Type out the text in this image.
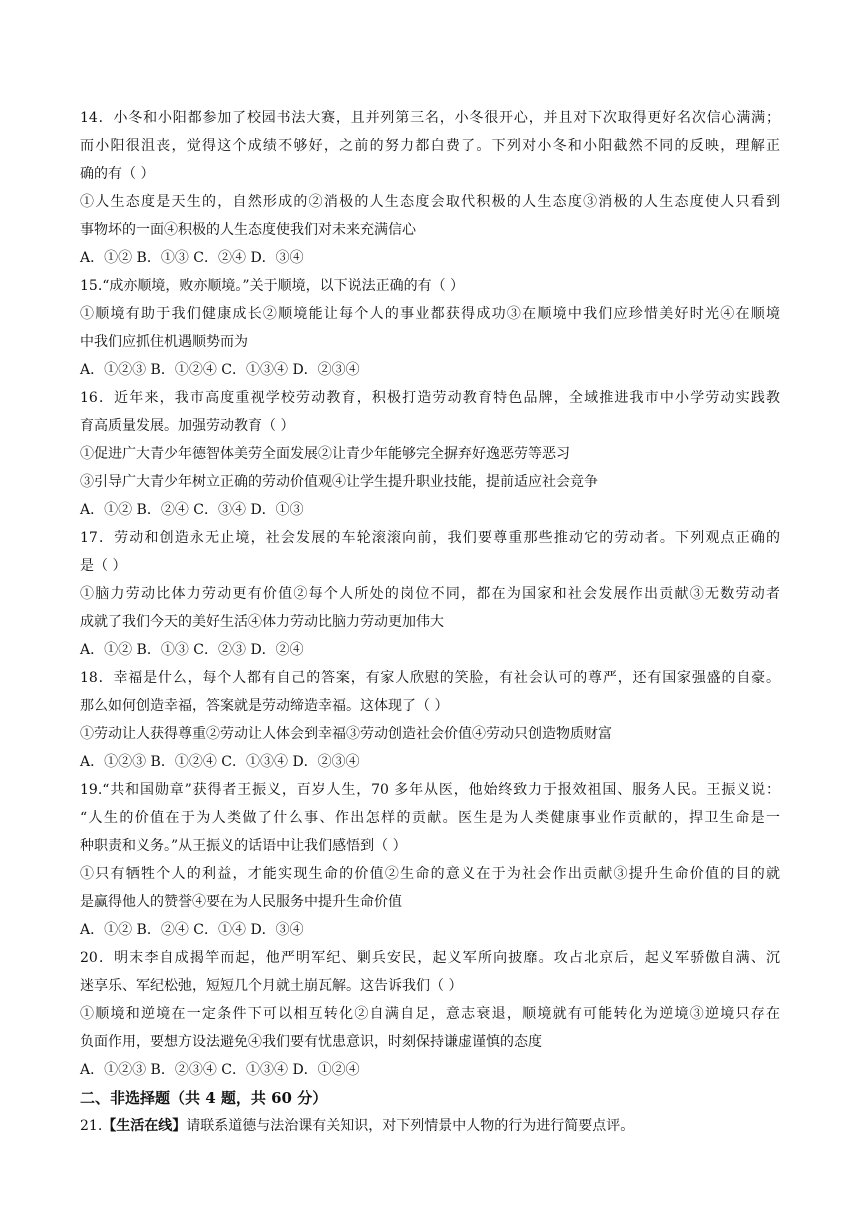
14．小冬和小阳都参加了校园书法大赛，且并列第三名，小冬很开心，并且对下次取得更好名次信心满满；
而小阳很沮丧，觉得这个成绩不够好，之前的努力都白费了。下列对小冬和小阳截然不同的反映，理解正
确的有（ ）
①人生态度是天生的，自然形成的②消极的人生态度会取代积极的人生态度③消极的人生态度使人只看到
事物坏的一面④积极的人生态度使我们对未来充满信心
A．①② B．①③ C．②④ D．③④
15.“成亦顺境，败亦顺境。”关于顺境，以下说法正确的有（ ）
①顺境有助于我们健康成长②顺境能让每个人的事业都获得成功③在顺境中我们应珍惜美好时光④在顺境
中我们应抓住机遇顺势而为
A．①②③ B．①②④ C．①③④ D．②③④
16．近年来，我市高度重视学校劳动教育，积极打造劳动教育特色品牌，全域推进我市中小学劳动实践教
育高质量发展。加强劳动教育（ ）
①促进广大青少年德智体美劳全面发展②让青少年能够完全摒弃好逸恶劳等恶习
③引导广大青少年树立正确的劳动价值观④让学生提升职业技能，提前适应社会竞争
A．①② B．②④ C．③④ D．①③
17．劳动和创造永无止境，社会发展的车轮滚滚向前，我们要尊重那些推动它的劳动者。下列观点正确的
是（ ）
①脑力劳动比体力劳动更有价值②每个人所处的岗位不同，都在为国家和社会发展作出贡献③无数劳动者
成就了我们今天的美好生活④体力劳动比脑力劳动更加伟大
A．①② B．①③ C．②③ D．②④
18．幸福是什么，每个人都有自己的答案，有家人欣慰的笑脸，有社会认可的尊严，还有国家强盛的自豪。
那么如何创造幸福，答案就是劳动缔造幸福。这体现了（ ）
①劳动让人获得尊重②劳动让人体会到幸福③劳动创造社会价值④劳动只创造物质财富
A．①②③ B．①②④ C．①③④ D．②③④
19.“共和国勋章”获得者王振义，百岁人生，70 多年从医，他始终致力于报效祖国、服务人民。王振义说：
“人生的价值在于为人类做了什么事、作出怎样的贡献。医生是为人类健康事业作贡献的，捍卫生命是一
种职责和义务。”从王振义的话语中让我们感悟到（ ）
①只有牺牲个人的利益，才能实现生命的价值②生命的意义在于为社会作出贡献③提升生命价值的目的就
是赢得他人的赞誉④要在为人民服务中提升生命价值
A．①② B．②④ C．①④ D．③④
20．明末李自成揭竿而起，他严明军纪、剿兵安民，起义军所向披靡。攻占北京后，起义军骄傲自满、沉
迷享乐、军纪松弛，短短几个月就土崩瓦解。这告诉我们（ ）
①顺境和逆境在一定条件下可以相互转化②自满自足，意志衰退，顺境就有可能转化为逆境③逆境只存在
负面作用，要想方设法避免④我们要有忧患意识，时刻保持谦虚谨慎的态度
A．①②③ B．②③④ C．①③④ D．①②④
二、非选择题（共 4 题，共 60 分）
21.【生活在线】请联系道德与法治课有关知识，对下列情景中人物的行为进行简要点评。
